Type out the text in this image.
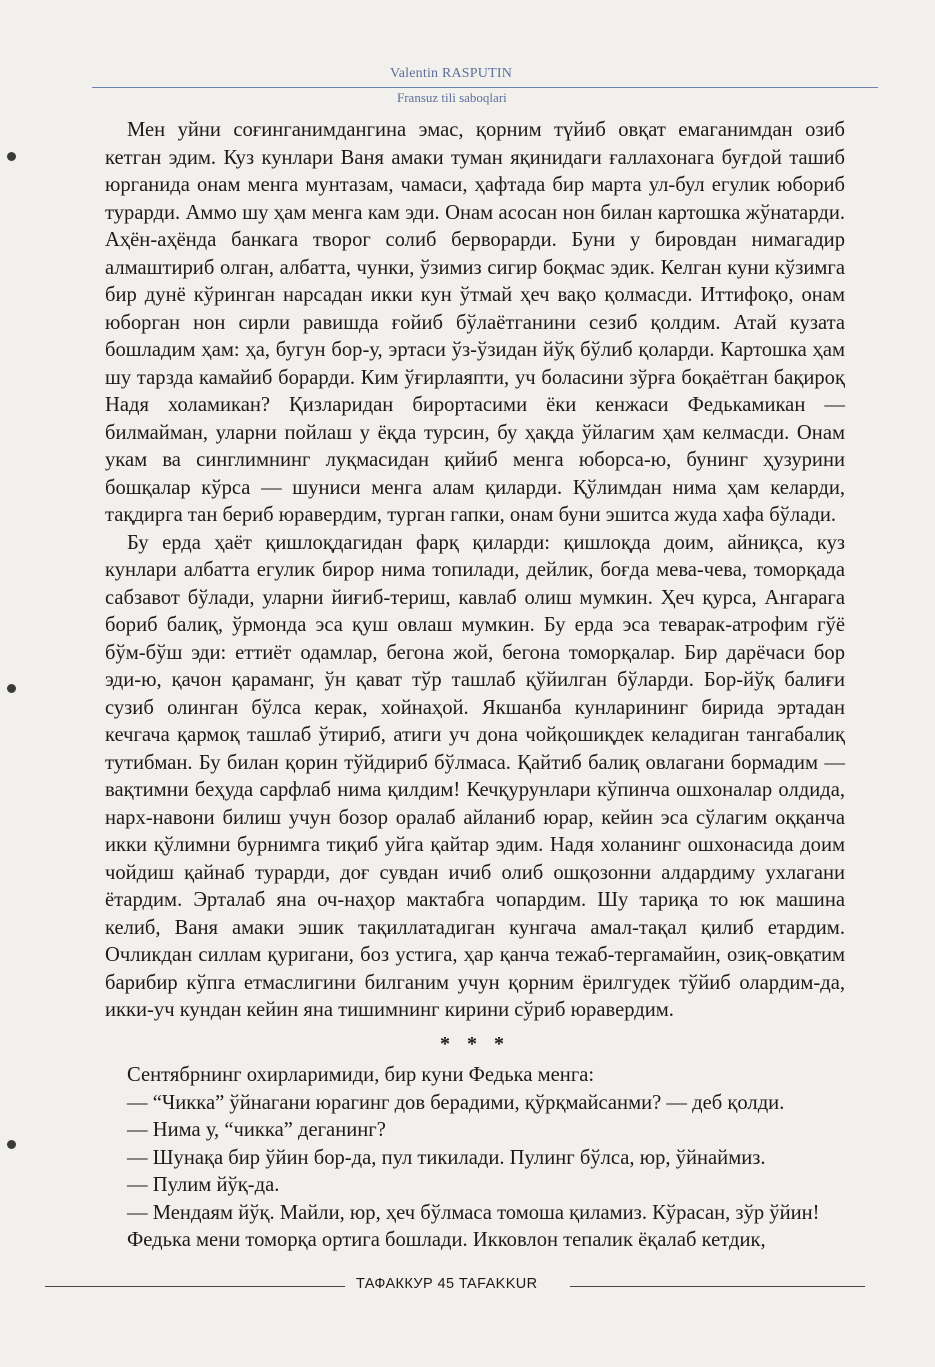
Valentin RASPUTIN
Fransuz tili saboqlari

Мен уйни соғинганимдангина эмас, қорним түйиб овқат емаганимдан озиб кетган эдим. Куз кунлари Ваня амаки туман яқинидаги ғаллахонага буғдой ташиб юрганида онам менга мунтазам, чамаси, ҳафтада бир марта ул-бул егулик юбориб турарди. Аммо шу ҳам менга кам эди. Онам асосан нон билан картошка жўнатарди. Аҳён-аҳёнда банкага творог солиб берворарди. Буни у бировдан нимагадир алмаштириб олган, албатта, чунки, ўзимиз сигир боқмас эдик. Келган куни кўзимга бир дунё кўринган нарсадан икки кун ўтмай ҳеч вақо қолмасди. Иттифоқо, онам юборган нон сирли равишда ғойиб бўлаётганини сезиб қолдим. Атай кузата бошладим ҳам: ҳа, бугун бор-у, эртаси ўз-ўзидан йўқ бўлиб қоларди. Картошка ҳам шу тарзда камайиб борарди. Ким ўғирлаяпти, уч боласини зўрға боқаётган бақироқ Надя холамикан? Қизларидан бирортасими ёки кенжаси Федькамикан — билмайман, уларни пойлаш у ёқда турсин, бу ҳақда ўйлагим ҳам келмасди. Онам укам ва синглимнинг луқмасидан қийиб менга юборса-ю, бунинг ҳузурини бошқалар кўрса — шуниси менга алам қиларди. Қўлимдан нима ҳам келарди, тақдирга тан бериб юравердим, турган гапки, онам буни эшитса жуда хафа бўлади.

Бу ерда ҳаёт қишлоқдагидан фарқ қиларди: қишлоқда доим, айниқса, куз кунлари албатта егулик бирор нима топилади, дейлик, боғда мева-чева, томорқада сабзавот бўлади, уларни йиғиб-териш, кавлаб олиш мумкин. Ҳеч қурса, Ангарага бориб балиқ, ўрмонда эса қуш овлаш мумкин. Бу ерда эса теварак-атрофим гўё бўм-бўш эди: еттиёт одамлар, бегона жой, бегона томорқалар. Бир дарёчаси бор эди-ю, қачон қараманг, ўн қават тўр ташлаб қўйилган бўларди. Бор-йўқ балиғи сузиб олинган бўлса керак, хойнаҳой. Якшанба кунларининг бирида эртадан кечгача қармоқ ташлаб ўтириб, атиги уч дона чойқошиқдек келадиган тангабалиқ тутибман. Бу билан қорин тўйдириб бўлмаса. Қайтиб балиқ овлагани бормадим — вақтимни беҳуда сарфлаб нима қилдим! Кечқурунлари кўпинча ошхоналар олдида, нарх-навони билиш учун бозор оралаб айланиб юрар, кейин эса сўлагим оққанча икки қўлимни бурнимга тиқиб уйга қайтар эдим. Надя холанинг ошхонасида доим чойдиш қайнаб турарди, доғ сувдан ичиб олиб ошқозонни алдардиму ухлагани ётардим. Эрталаб яна оч-наҳор мактабга чопардим. Шу тариқа то юк машина келиб, Ваня амаки эшик тақиллатадиган кунгача амал-тақал қилиб етардим. Очликдан силлам қуригани, боз устига, ҳар қанча тежаб-тергамайин, озиқ-овқатим барибир кўпга етмаслигини билганим учун қорним ёрилгудек тўйиб олардим-да, икки-уч кундан кейин яна тишимнинг кирини сўриб юравердим.

* * *

Сентябрнинг охирларимиди, бир куни Федька менга:

— “Чикка” ўйнагани юрагинг дов берадими, қўрқмайсанми? — деб қолди.

— Нима у, “чикка” деганинг?

— Шунақа бир ўйин бор-да, пул тикилади. Пулинг бўлса, юр, ўйнаймиз.

— Пулим йўқ-да.

— Мендаям йўқ. Майли, юр, ҳеч бўлмаса томоша қиламиз. Кўрасан, зўр ўйин!

Федька мени томорқа ортига бошлади. Икковлон тепалик ёқалаб кетдик,

ТАФАККУР 45 TAFAKKUR
